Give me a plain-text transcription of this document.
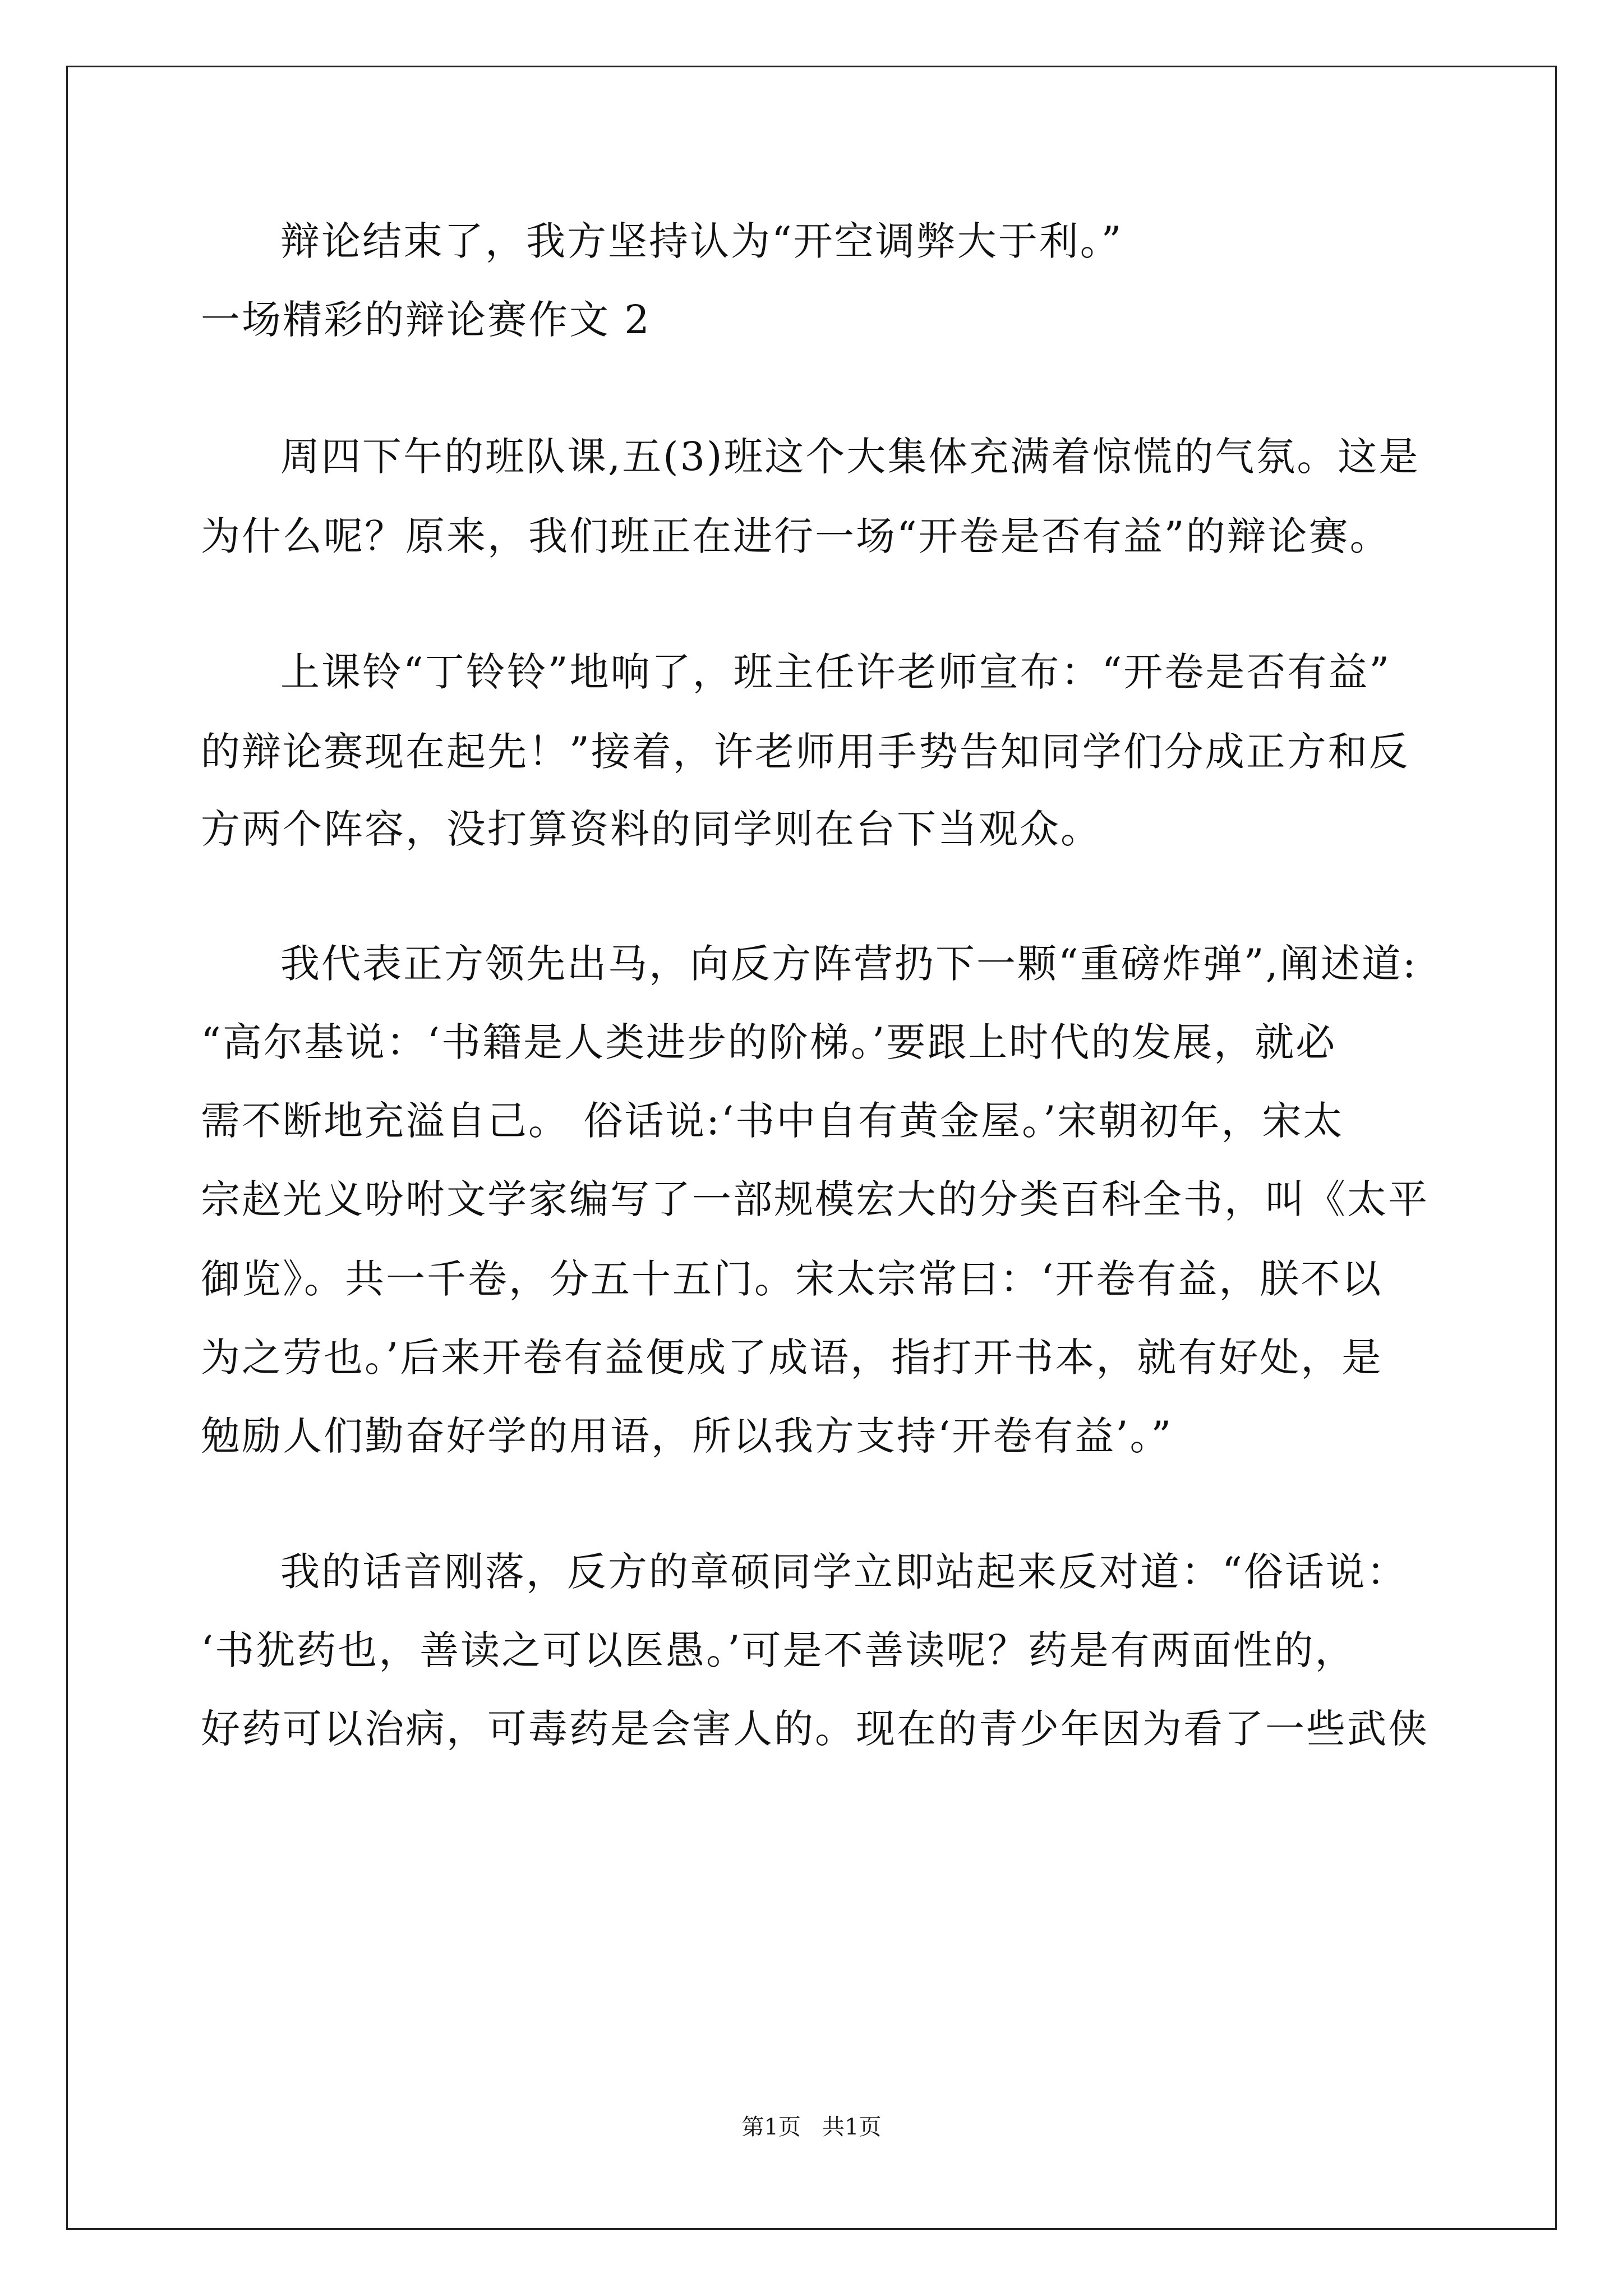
辩论结束了，我方坚持认为“开空调弊大于利。”
一场精彩的辩论赛作文 2
周四下午的班队课,五(3)班这个大集体充满着惊慌的气氛。这是
为什么呢？原来，我们班正在进行一场“开卷是否有益”的辩论赛。
上课铃“丁铃铃”地响了，班主任许老师宣布：“开卷是否有益”
的辩论赛现在起先！”接着，许老师用手势告知同学们分成正方和反
方两个阵容，没打算资料的同学则在台下当观众。
我代表正方领先出马，向反方阵营扔下一颗“重磅炸弹”,阐述道:
“高尔基说：‘书籍是人类进步的阶梯。’要跟上时代的发展，就必
需不断地充溢自己。 俗话说:‘书中自有黄金屋。’宋朝初年，宋太
宗赵光义吩咐文学家编写了一部规模宏大的分类百科全书，叫《太平
御览》。共一千卷，分五十五门。宋太宗常曰：‘开卷有益，朕不以
为之劳也。’后来开卷有益便成了成语，指打开书本，就有好处，是
勉励人们勤奋好学的用语，所以我方支持‘开卷有益’。”
我的话音刚落，反方的章硕同学立即站起来反对道：“俗话说：
‘书犹药也，善读之可以医愚。’可是不善读呢？药是有两面性的，
好药可以治病，可毒药是会害人的。现在的青少年因为看了一些武侠
第1页   共1页
